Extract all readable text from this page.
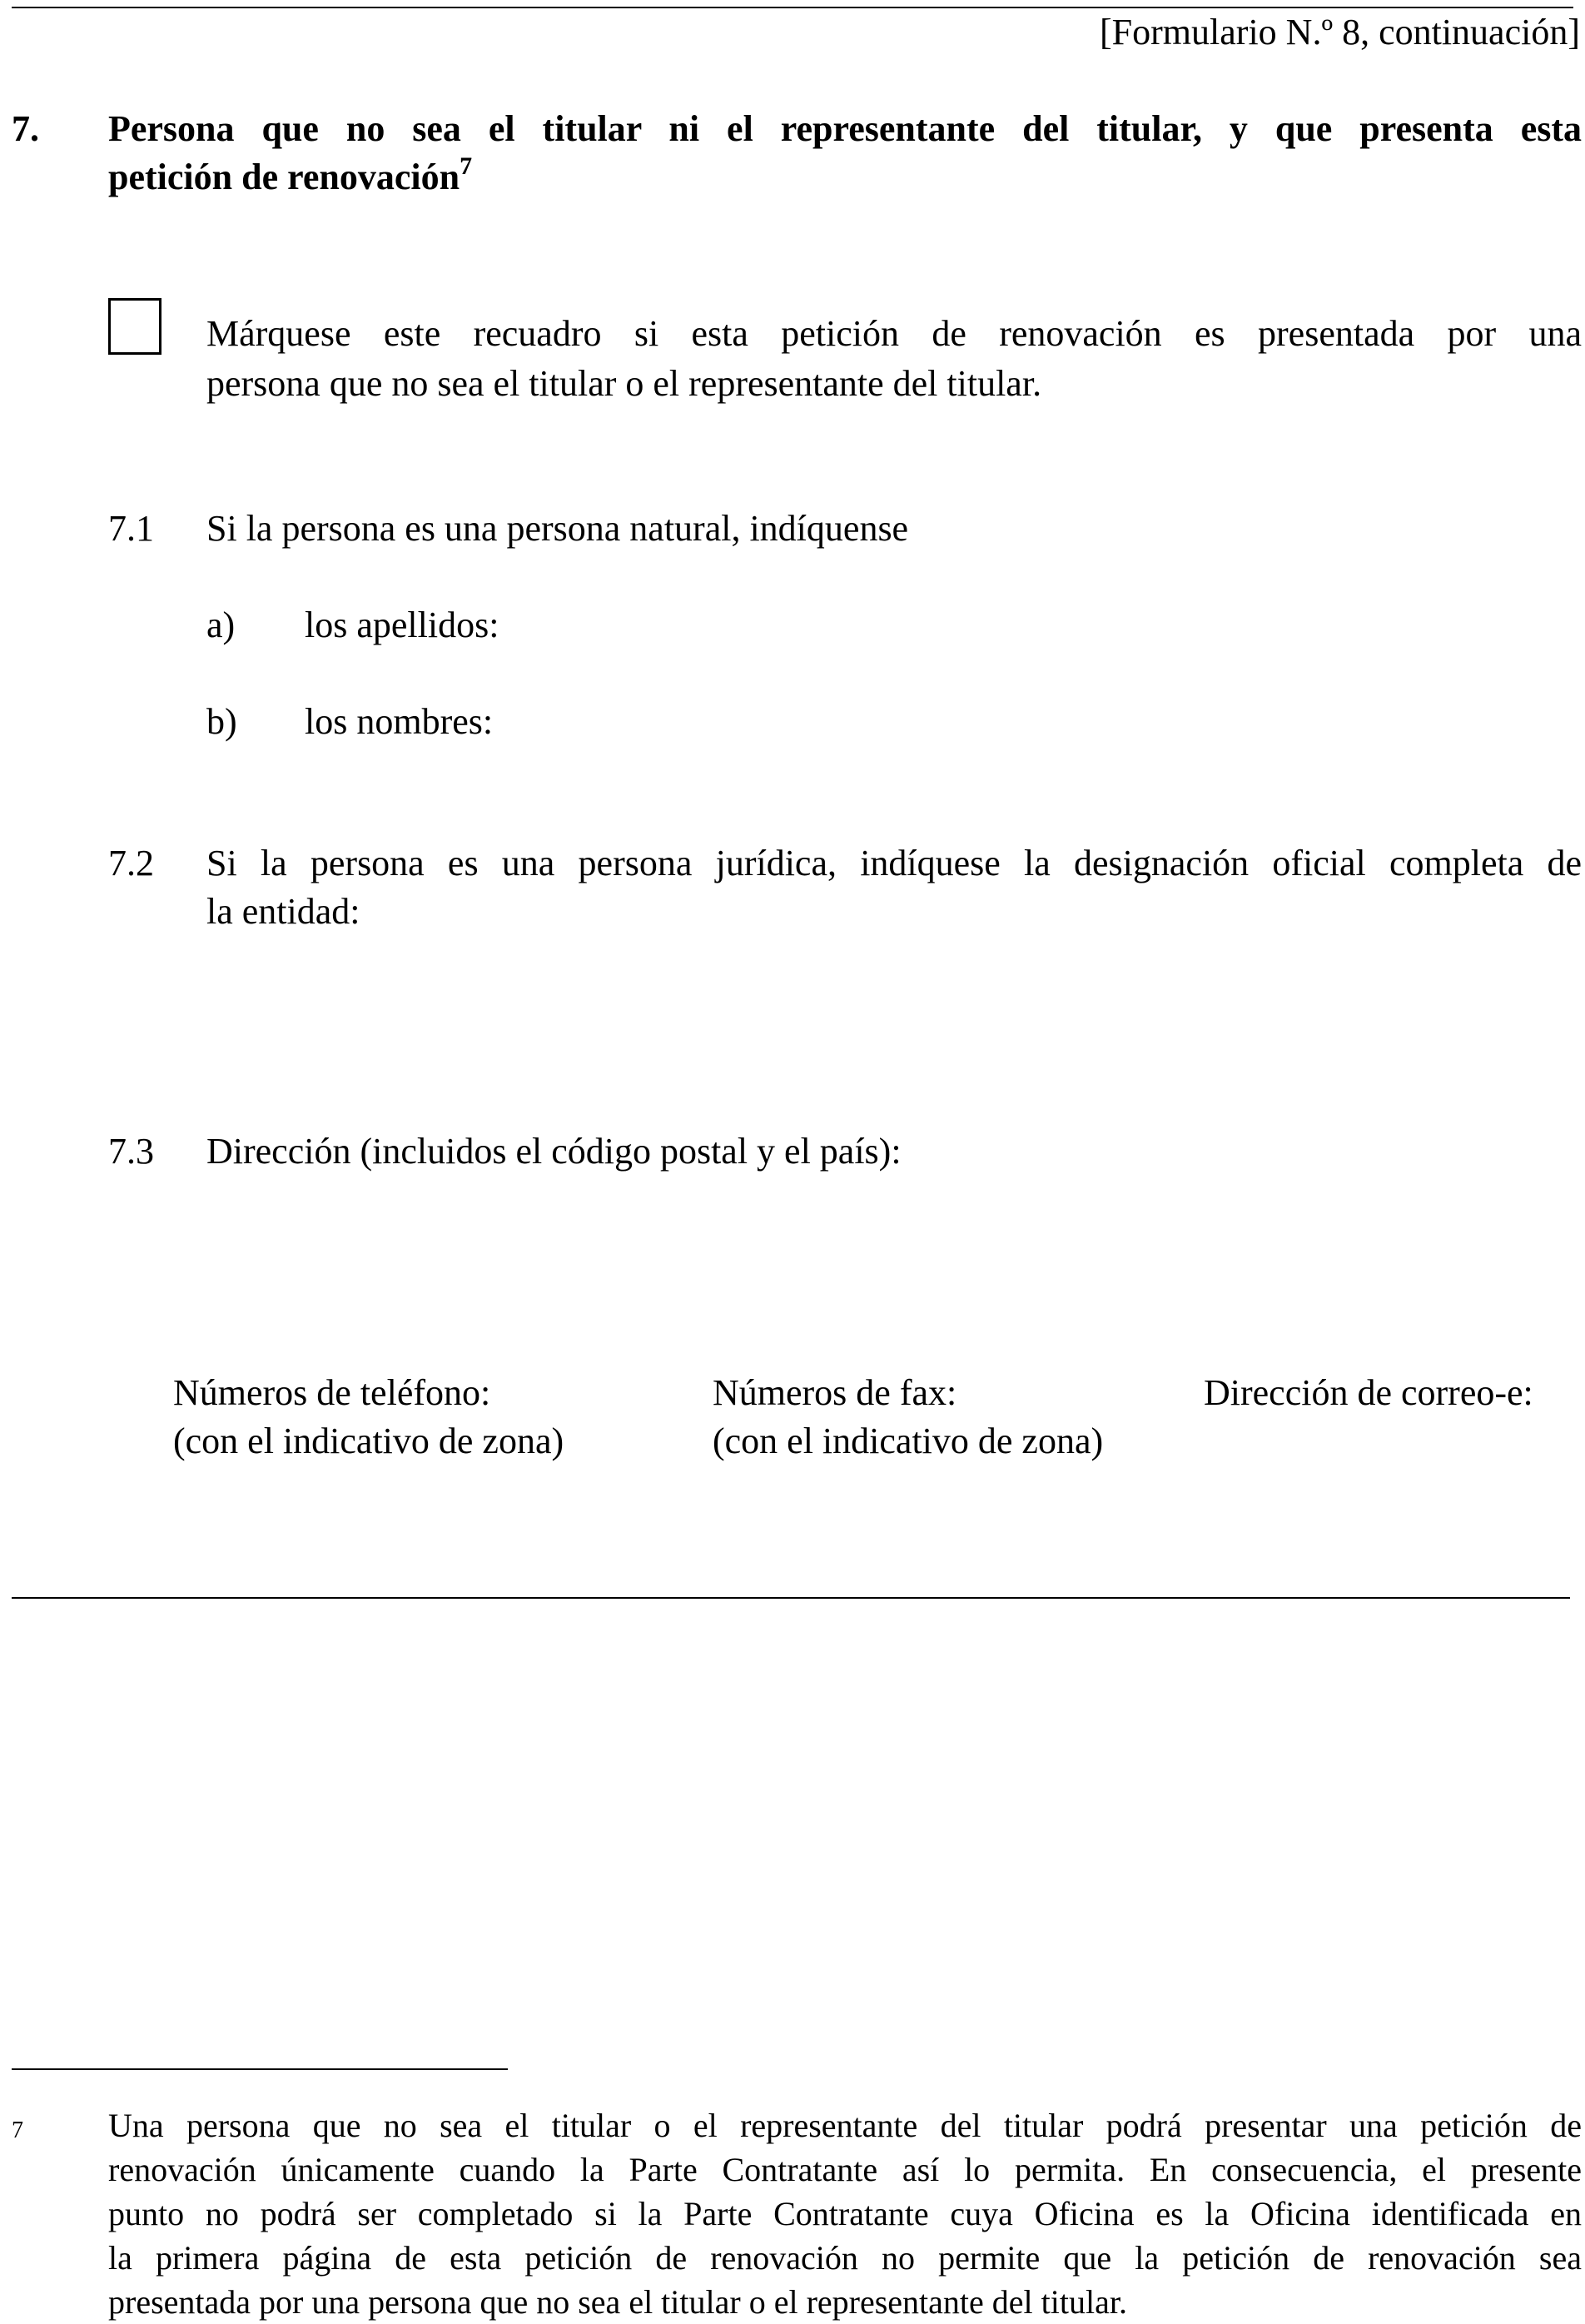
[Formulario N.º 8, continuación]
7. Persona que no sea el titular ni el representante del titular, y que presenta esta
petición de renovación$^7$
Márquese este recuadro si esta petición de renovación es presentada por una
persona que no sea el titular o el representante del titular.
7.1 Si la persona es una persona natural, indíquense
a) los apellidos:
b) los nombres:
7.2 Si la persona es una persona jurídica, indíquese la designación oficial completa de
la entidad:
7.3 Dirección (incluidos el código postal y el país):
Números de teléfono:
(con el indicativo de zona)
Números de fax:
(con el indicativo de zona)
Dirección de correo-e:
7	Una persona que no sea el titular o el representante del titular podrá presentar una petición de
renovación únicamente cuando la Parte Contratante así lo permita. En consecuencia, el presente
punto no podrá ser completado si la Parte Contratante cuya Oficina es la Oficina identificada en
la primera página de esta petición de renovación no permite que la petición de renovación sea
presentada por una persona que no sea el titular o el representante del titular.
